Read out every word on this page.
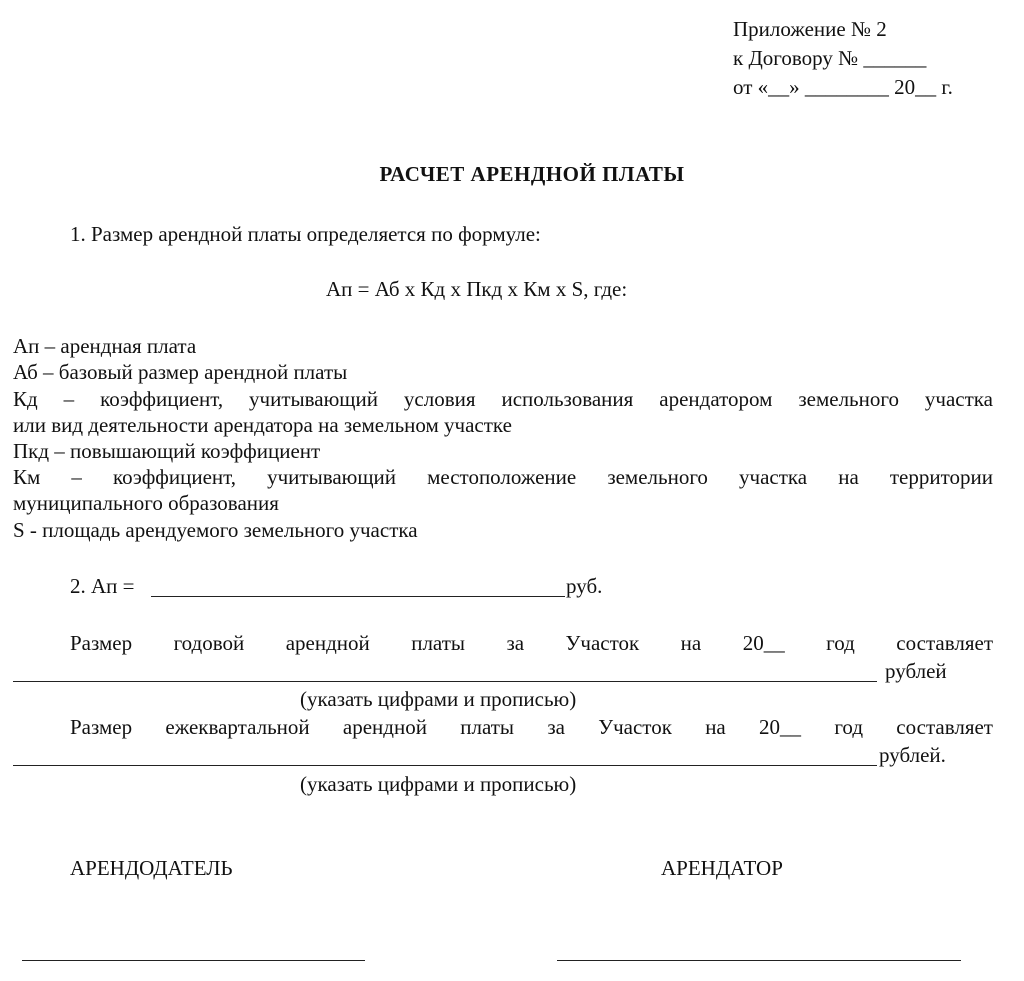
Приложение № 2
к Договору № ______
от «__» ________ 20__ г.
РАСЧЕТ АРЕНДНОЙ ПЛАТЫ
1. Размер арендной платы определяется по формуле:
Ап = Аб х Кд х Пкд х Км х S, где:
Ап – арендная плата
Аб – базовый размер арендной платы
Кд – коэффициент, учитывающий условия использования арендатором земельного участка
или вид деятельности арендатора на земельном участке
Пкд – повышающий коэффициент
Км – коэффициент, учитывающий местоположение земельного участка на территории
муниципального образования
S - площадь арендуемого земельного участка
2. Ап =	руб.
Размер годовой арендной платы за Участок на 20__ год составляет
рублей
(указать цифрами и прописью)
Размер ежеквартальной арендной платы за Участок на 20__ год составляет
рублей.
(указать цифрами и прописью)
АРЕНДОДАТЕЛЬ	АРЕНДАТОР
